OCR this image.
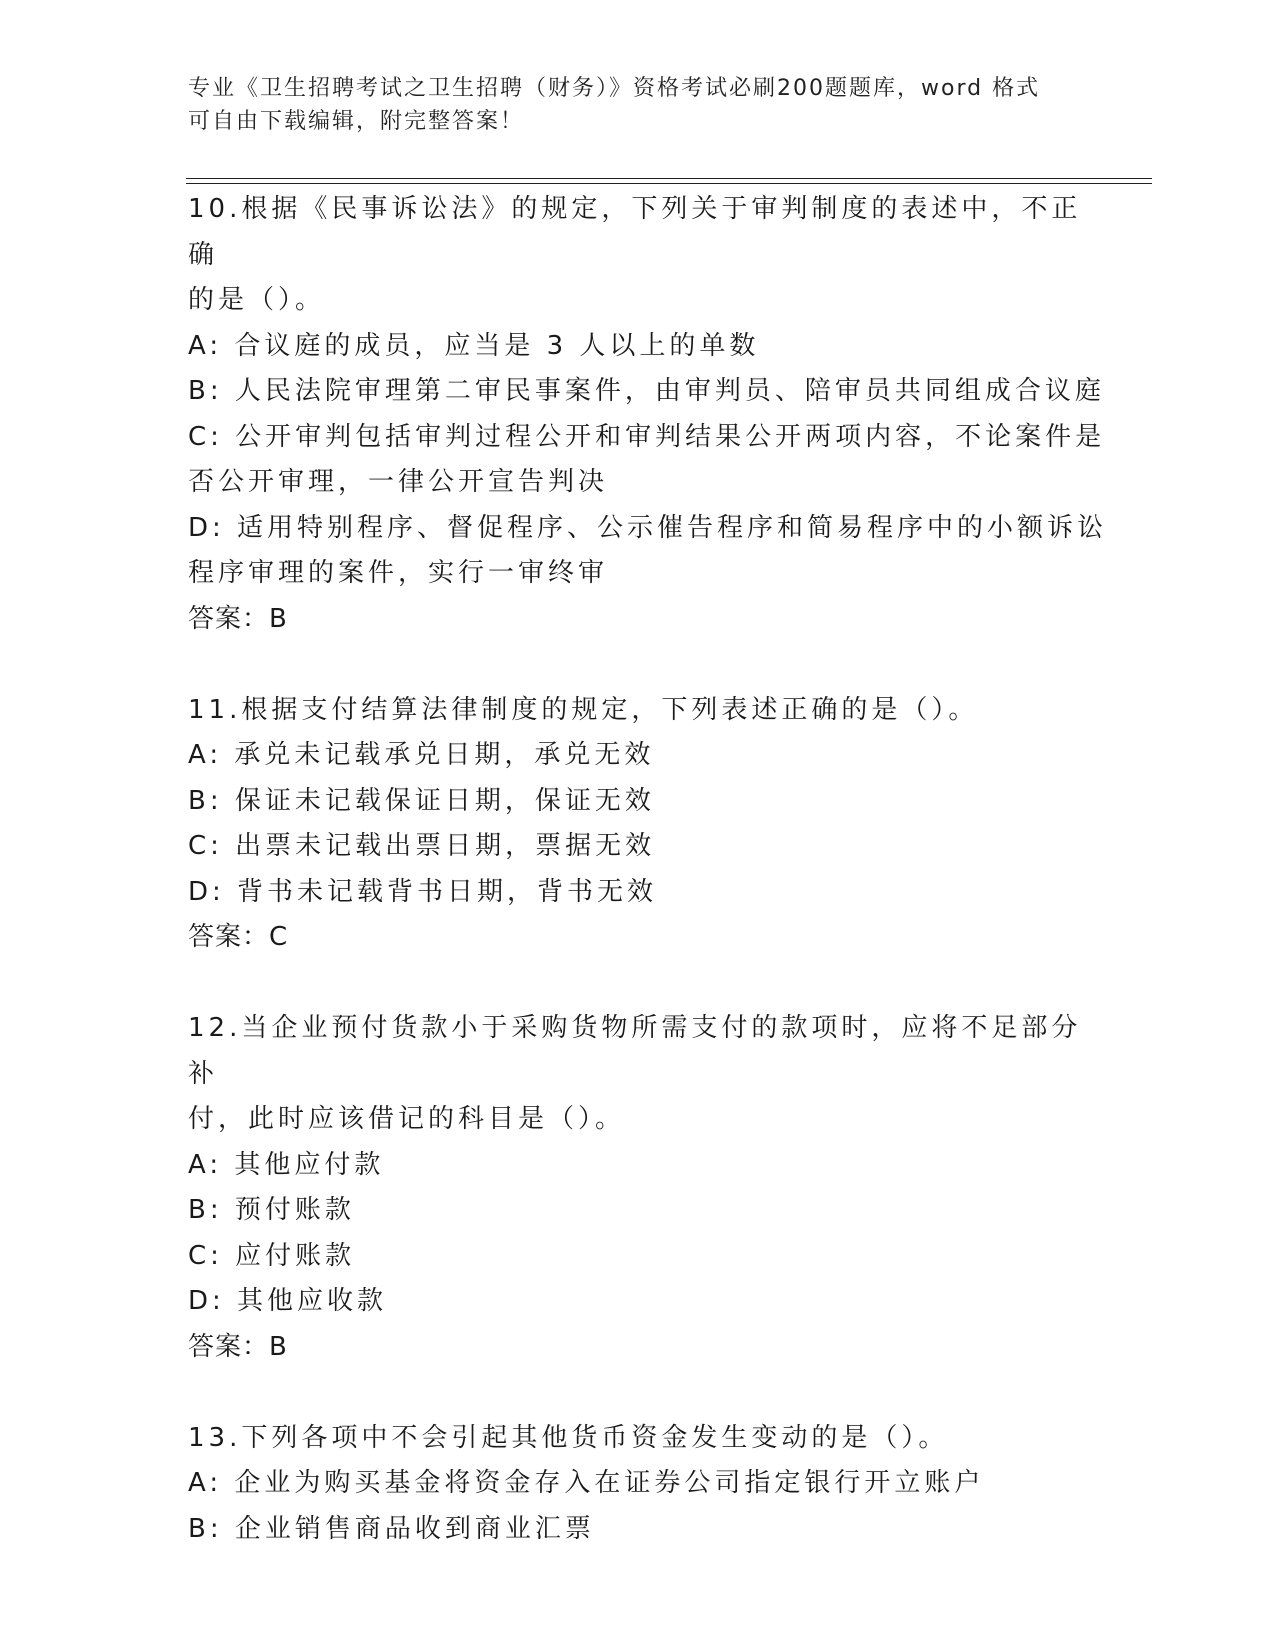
专业《卫生招聘考试之卫生招聘（财务）》资格考试必刷200题题库，word 格式
可自由下载编辑，附完整答案！
10.根据《民事诉讼法》的规定，下列关于审判制度的表述中，不正确
的是（）。
A: 合议庭的成员，应当是 3 人以上的单数
B: 人民法院审理第二审民事案件，由审判员、陪审员共同组成合议庭
C: 公开审判包括审判过程公开和审判结果公开两项内容，不论案件是
否公开审理，一律公开宣告判决
D: 适用特别程序、督促程序、公示催告程序和简易程序中的小额诉讼
程序审理的案件，实行一审终审
答案：B
11.根据支付结算法律制度的规定，下列表述正确的是（）。
A: 承兑未记载承兑日期，承兑无效
B: 保证未记载保证日期，保证无效
C: 出票未记载出票日期，票据无效
D: 背书未记载背书日期，背书无效
答案：C
12.当企业预付货款小于采购货物所需支付的款项时，应将不足部分补
付，此时应该借记的科目是（）。
A: 其他应付款
B: 预付账款
C: 应付账款
D: 其他应收款
答案：B
13.下列各项中不会引起其他货币资金发生变动的是（）。
A: 企业为购买基金将资金存入在证券公司指定银行开立账户
B: 企业销售商品收到商业汇票
